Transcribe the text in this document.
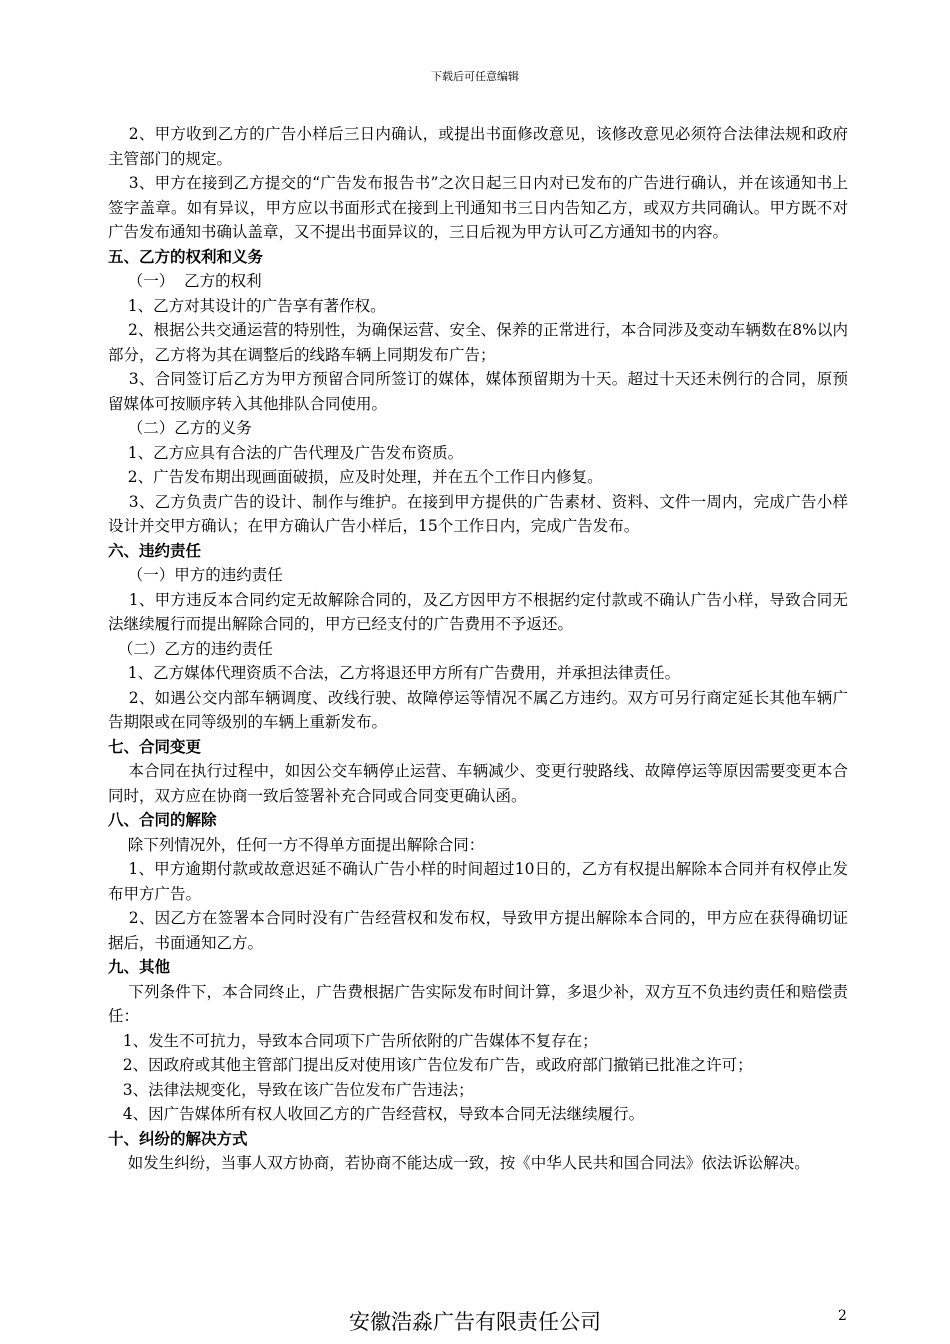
下载后可任意编辑
2、甲方收到乙方的广告小样后三日内确认，或提出书面修改意见，该修改意见必须符合法律法规和政府主管部门的规定。
3、甲方在接到乙方提交的“广告发布报告书”之次日起三日内对已发布的广告进行确认，并在该通知书上签字盖章。如有异议，甲方应以书面形式在接到上刊通知书三日内告知乙方，或双方共同确认。甲方既不对广告发布通知书确认盖章，又不提出书面异议的，三日后视为甲方认可乙方通知书的内容。
五、乙方的权利和义务
（一）  乙方的权利
1、乙方对其设计的广告享有著作权。
2、根据公共交通运营的特别性，为确保运营、安全、保养的正常进行，本合同涉及变动车辆数在8%以内部分，乙方将为其在调整后的线路车辆上同期发布广告；
3、合同签订后乙方为甲方预留合同所签订的媒体，媒体预留期为十天。超过十天还未例行的合同，原预留媒体可按顺序转入其他排队合同使用。
（二）乙方的义务
1、乙方应具有合法的广告代理及广告发布资质。
2、广告发布期出现画面破损，应及时处理，并在五个工作日内修复。
3、乙方负责广告的设计、制作与维护。在接到甲方提供的广告素材、资料、文件一周内，完成广告小样设计并交甲方确认；在甲方确认广告小样后，15个工作日内，完成广告发布。
六、违约责任
（一）甲方的违约责任
1、甲方违反本合同约定无故解除合同的，及乙方因甲方不根据约定付款或不确认广告小样，导致合同无法继续履行而提出解除合同的，甲方已经支付的广告费用不予返还。
（二）乙方的违约责任
1、乙方媒体代理资质不合法，乙方将退还甲方所有广告费用，并承担法律责任。
2、如遇公交内部车辆调度、改线行驶、故障停运等情况不属乙方违约。双方可另行商定延长其他车辆广告期限或在同等级别的车辆上重新发布。
七、合同变更
本合同在执行过程中，如因公交车辆停止运营、车辆减少、变更行驶路线、故障停运等原因需要变更本合同时，双方应在协商一致后签署补充合同或合同变更确认函。
八、合同的解除
除下列情况外，任何一方不得单方面提出解除合同：
1、甲方逾期付款或故意迟延不确认广告小样的时间超过10日的，乙方有权提出解除本合同并有权停止发布甲方广告。
2、因乙方在签署本合同时没有广告经营权和发布权，导致甲方提出解除本合同的，甲方应在获得确切证据后，书面通知乙方。
九、其他
下列条件下，本合同终止，广告费根据广告实际发布时间计算，多退少补，双方互不负违约责任和赔偿责任：
1、发生不可抗力，导致本合同项下广告所依附的广告媒体不复存在；
2、因政府或其他主管部门提出反对使用该广告位发布广告，或政府部门撤销已批准之许可；
3、法律法规变化，导致在该广告位发布广告违法；
4、因广告媒体所有权人收回乙方的广告经营权，导致本合同无法继续履行。
十、纠纷的解决方式
如发生纠纷，当事人双方协商，若协商不能达成一致，按《中华人民共和国合同法》依法诉讼解决。
安徽浩淼广告有限责任公司	2
